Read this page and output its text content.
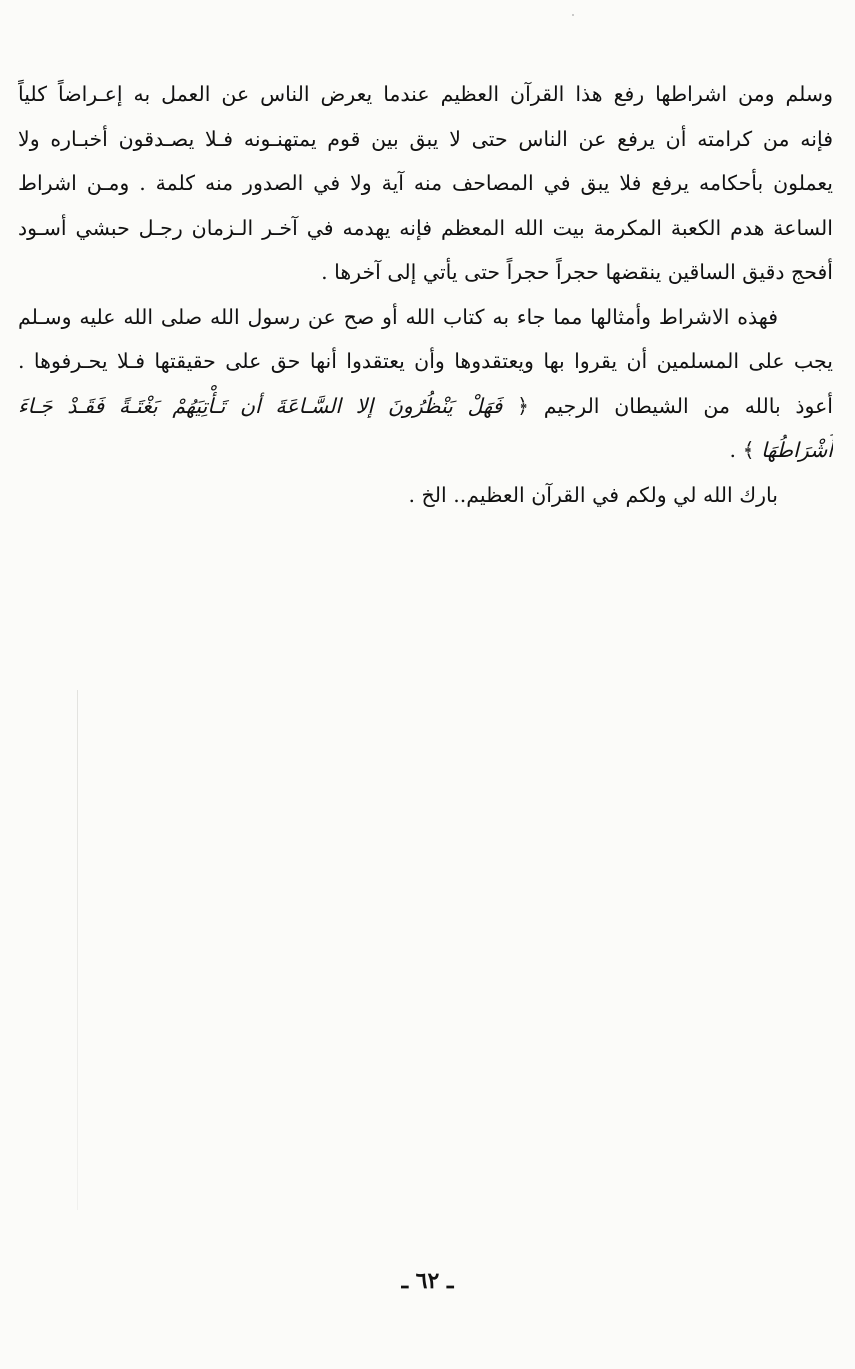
وسلم ومن اشراطها رفع هذا القرآن العظيم عندما يعرض الناس عن العمل به إعـراضاً كلياً
فإنه من كرامته أن يرفع عن الناس حتى لا يبق بين قوم يمتهنـونه فـلا يصـدقون أخبـاره ولا
يعملون بأحكامه يرفع فلا يبق في المصاحف منه آية ولا في الصدور منه كلمة . ومـن اشراط
الساعة هدم الكعبة المكرمة بيت الله المعظم فإنه يهدمه في آخـر الـزمان رجـل حبشي أسـود
أفحج دقيق الساقين ينقضها حجراً حجراً حتى يأتي إلى آخرها .
فهذه الاشراط وأمثالها مما جاء به كتاب الله أو صح عن رسول الله صلى الله عليه وسـلم
يجب على المسلمين أن يقروا بها ويعتقدوها وأن يعتقدوا أنها حق على حقيقتها فـلا يحـرفوها .
أعوذ بالله من الشيطان الرجيم ﴿ فَهَلْ يَنْظُرُونَ إلا السَّـاعَةَ أن تَـأْتِيَهُمْ بَغْتَـةً فَقَـدْ جَـاءَ
أَشْرَاطُهَا ﴾ .
بارك الله لي ولكم في القرآن العظيم.. الخ .
ـ ٦٢ ـ
